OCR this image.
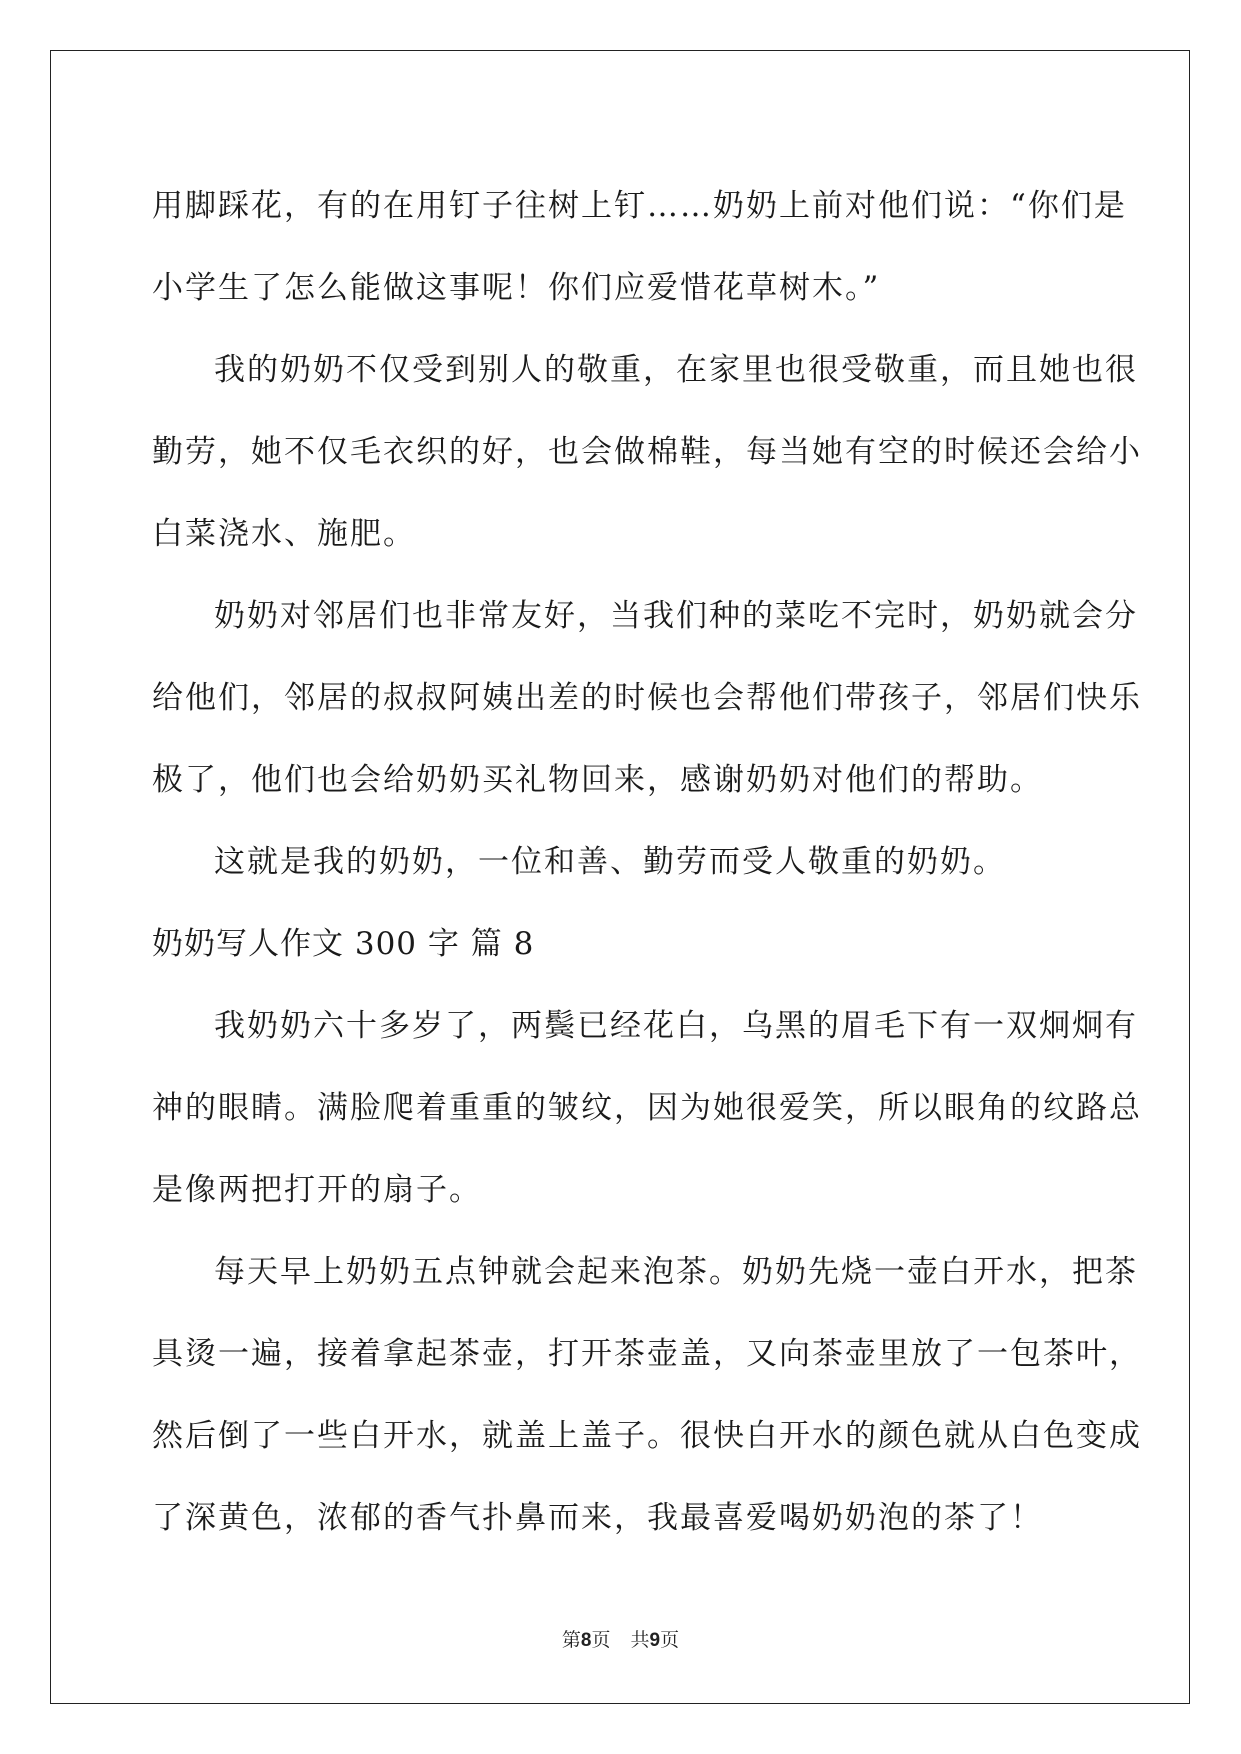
用脚踩花，有的在用钉子往树上钉……奶奶上前对他们说：“你们是
小学生了怎么能做这事呢！你们应爱惜花草树木。”
我的奶奶不仅受到别人的敬重，在家里也很受敬重，而且她也很
勤劳，她不仅毛衣织的好，也会做棉鞋，每当她有空的时候还会给小
白菜浇水、施肥。
奶奶对邻居们也非常友好，当我们种的菜吃不完时，奶奶就会分
给他们，邻居的叔叔阿姨出差的时候也会帮他们带孩子，邻居们快乐
极了，他们也会给奶奶买礼物回来，感谢奶奶对他们的帮助。
这就是我的奶奶，一位和善、勤劳而受人敬重的奶奶。
奶奶写人作文 300 字 篇 8
我奶奶六十多岁了，两鬓已经花白，乌黑的眉毛下有一双炯炯有
神的眼睛。满脸爬着重重的皱纹，因为她很爱笑，所以眼角的纹路总
是像两把打开的扇子。
每天早上奶奶五点钟就会起来泡茶。奶奶先烧一壶白开水，把茶
具烫一遍，接着拿起茶壶，打开茶壶盖，又向茶壶里放了一包茶叶，
然后倒了一些白开水，就盖上盖子。很快白开水的颜色就从白色变成
了深黄色，浓郁的香气扑鼻而来，我最喜爱喝奶奶泡的茶了！
第8页 共9页
